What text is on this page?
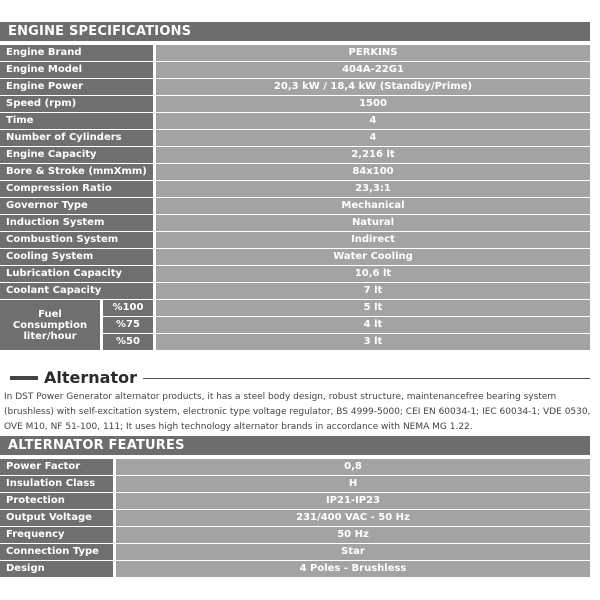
ENGINE SPECIFICATIONS
Engine Brand	PERKINS
Engine Model	404A-22G1
Engine Power	20,3 kW / 18,4 kW (Standby/Prime)
Speed (rpm)	1500
Time	4
Number of Cylinders	4
Engine Capacity	2,216 lt
Bore & Stroke (mmXmm)	84x100
Compression Ratio	23,3:1
Governor Type	Mechanical
Induction System	Natural
Combustion System	Indirect
Cooling System	Water Cooling
Lubrication Capacity	10,6 lt
Coolant Capacity	7 lt
Fuel
Consumption
liter/hour
%100	5 lt
%75	4 lt
%50	3 lt
Alternator
In DST Power Generator alternator products, it has a steel body design, robust structure, maintenancefree bearing system (brushless) with self-excitation system, electronic type voltage regulator, BS 4999-5000; CEI EN 60034-1; IEC 60034-1; VDE 0530, OVE M10, NF 51-100, 111; It uses high technology alternator brands in accordance with NEMA MG 1.22.
ALTERNATOR FEATURES
Power Factor	0,8
Insulation Class	H
Protection	IP21-IP23
Output Voltage	231/400 VAC - 50 Hz
Frequency	50 Hz
Connection Type	Star
Design	4 Poles - Brushless
